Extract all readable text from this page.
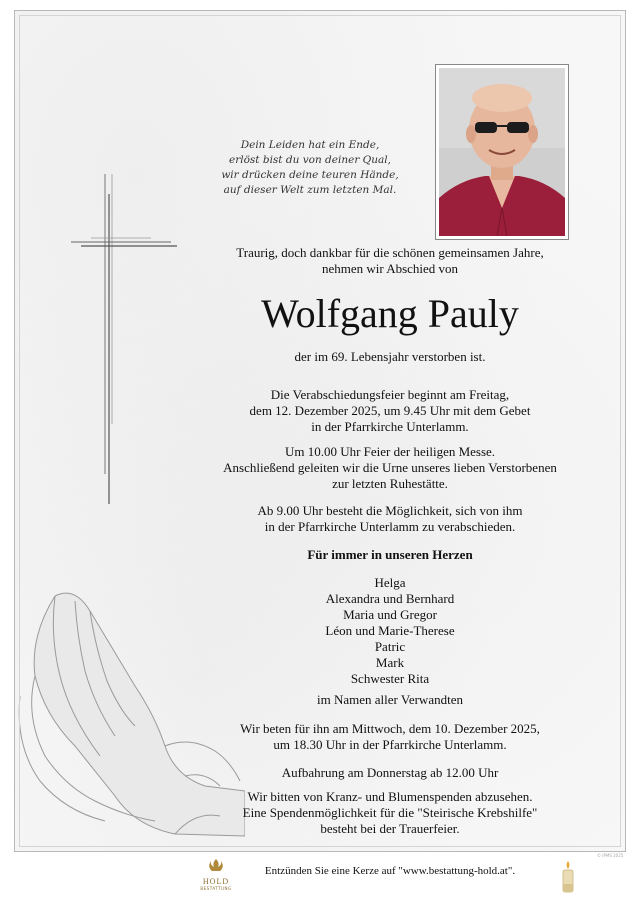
Dein Leiden hat ein Ende,
erlöst bist du von deiner Qual,
wir drücken deine teuren Hände,
auf dieser Welt zum letzten Mal.
© IPMS 2025
Traurig, doch dankbar für die schönen gemeinsamen Jahre,
nehmen wir Abschied von
Wolfgang Pauly
der im 69. Lebensjahr verstorben ist.
Die Verabschiedungsfeier beginnt am Freitag,
dem 12. Dezember 2025, um 9.45 Uhr mit dem Gebet
in der Pfarrkirche Unterlamm.
Um 10.00 Uhr Feier der heiligen Messe.
Anschließend geleiten wir die Urne unseres lieben Verstorbenen
zur letzten Ruhestätte.
Ab 9.00 Uhr besteht die Möglichkeit, sich von ihm
in der Pfarrkirche Unterlamm zu verabschieden.
Für immer in unseren Herzen
Helga
Alexandra und Bernhard
Maria und Gregor
Léon und Marie-Therese
Patric
Mark
Schwester Rita
im Namen aller Verwandten
Wir beten für ihn am Mittwoch, dem 10. Dezember 2025,
um 18.30 Uhr in der Pfarrkirche Unterlamm.
Aufbahrung am Donnerstag ab 12.00 Uhr
Wir bitten von Kranz- und Blumenspenden abzusehen.
Eine Spendenmöglichkeit für die "Steirische Krebshilfe"
besteht bei der Trauerfeier.
HOLD
BESTATTUNG
Entzünden Sie eine Kerze auf "www.bestattung-hold.at".
